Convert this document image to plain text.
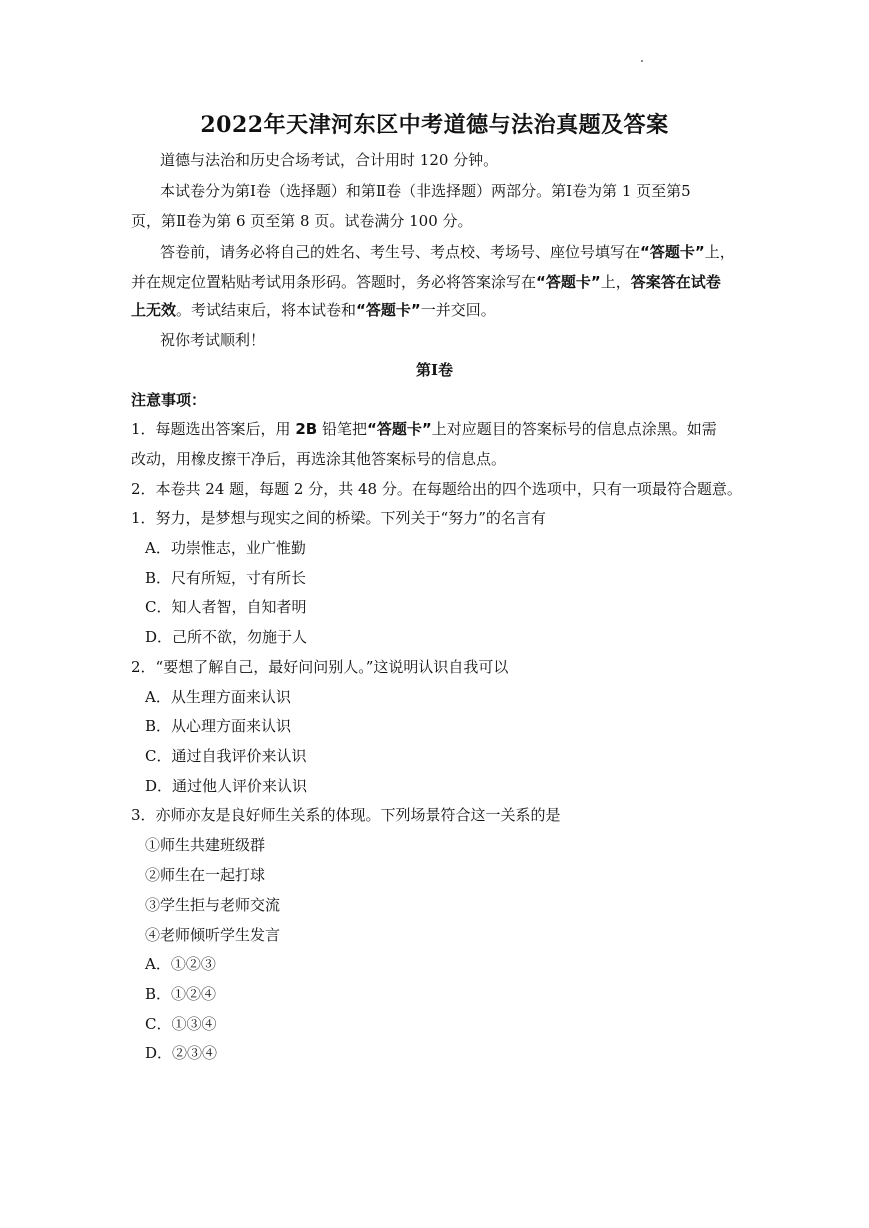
2022年天津河东区中考道德与法治真题及答案
道德与法治和历史合场考试，合计用时 120 分钟。
本试卷分为第Ⅰ卷（选择题）和第Ⅱ卷（非选择题）两部分。第Ⅰ卷为第 1 页至第5
页，第Ⅱ卷为第 6 页至第 8 页。试卷满分 100 分。
答卷前，请务必将自己的姓名、考生号、考点校、考场号、座位号填写在“答题卡”上，
并在规定位置粘贴考试用条形码。答题时，务必将答案涂写在“答题卡”上，答案答在试卷
上无效。考试结束后，将本试卷和“答题卡”一并交回。
祝你考试顺利！
第Ⅰ卷
注意事项：
1．每题选出答案后，用 2B 铅笔把“答题卡”上对应题目的答案标号的信息点涂黑。如需
改动，用橡皮擦干净后，再选涂其他答案标号的信息点。
2．本卷共 24 题，每题 2 分，共 48 分。在每题给出的四个选项中，只有一项最符合题意。
1．努力，是梦想与现实之间的桥梁。下列关于“努力”的名言有
A．功崇惟志，业广惟勤
B．尺有所短，寸有所长
C．知人者智，自知者明
D．己所不欲，勿施于人
2．“要想了解自己，最好问问别人。”这说明认识自我可以
A．从生理方面来认识
B．从心理方面来认识
C．通过自我评价来认识
D．通过他人评价来认识
3．亦师亦友是良好师生关系的体现。下列场景符合这一关系的是
①师生共建班级群
②师生在一起打球
③学生拒与老师交流
④老师倾听学生发言
A．①②③
B．①②④
C．①③④
D．②③④
